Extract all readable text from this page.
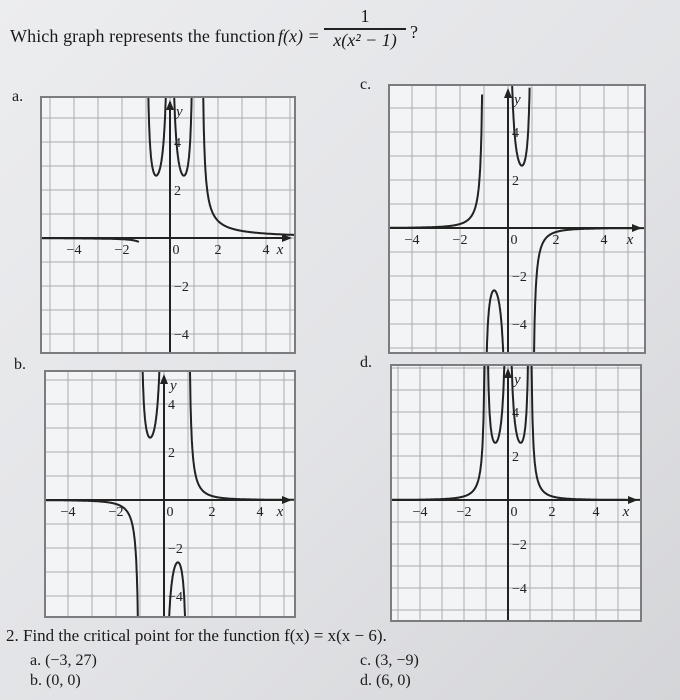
Which graph represents the function f(x) =
1
x(x² − 1) ?
a.
c.
b.	d.
−4 −2	0	2	4 x
4
2
−2
−4
y
−4 −2	0	2	4 x
4
2
−2
−4
y
−4 −2	0	2	4 x
4
2
−2
−4
y
−4 −2	0 2	4 x
4
2
−2
−4
y
2. Find the critical point for the function f(x) = x(x − 6).
a. (−3, 27)
b. (0, 0)
c. (3, −9)
d. (6, 0)
